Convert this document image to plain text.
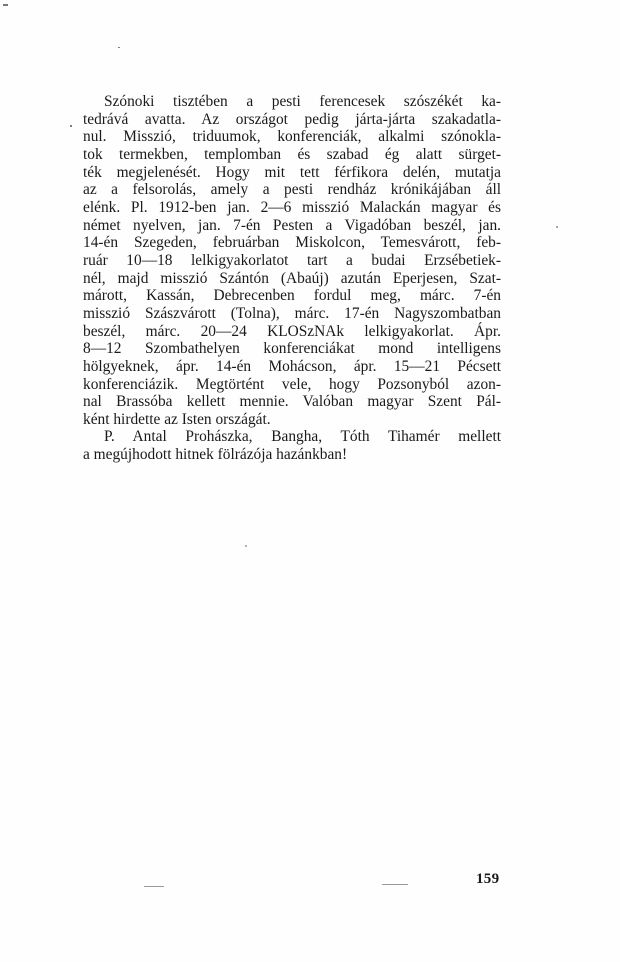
Szónoki tisztében a pesti ferencesek szószékét ka-
tedrává avatta. Az országot pedig járta-járta szakadatla-
nul. Misszió, triduumok, konferenciák, alkalmi szónokla-
tok termekben, templomban és szabad ég alatt sürget-
ték megjelenését. Hogy mit tett férfikora delén, mutatja
az a felsorolás, amely a pesti rendház krónikájában áll
elénk. Pl. 1912-ben jan. 2—6 misszió Malackán magyar és
német nyelven, jan. 7-én Pesten a Vigadóban beszél, jan.
14-én Szegeden, februárban Miskolcon, Temesvárott, feb-
ruár 10—18 lelkigyakorlatot tart a budai Erzsébetiek-
nél, majd misszió Szántón (Abaúj) azután Eperjesen, Szat-
márott, Kassán, Debrecenben fordul meg, márc. 7-én
misszió Szászvárott (Tolna), márc. 17-én Nagyszombatban
beszél, márc. 20—24 KLOSzNAk lelkigyakorlat. Ápr.
8—12 Szombathelyen konferenciákat mond intelligens
hölgyeknek, ápr. 14-én Mohácson, ápr. 15—21 Pécsett
konferenciázik. Megtörtént vele, hogy Pozsonyból azon-
nal Brassóba kellett mennie. Valóban magyar Szent Pál-
ként hirdette az Isten országát.
P. Antal Prohászka, Bangha, Tóth Tihamér mellett
a megújhodott hitnek fölrázója hazánkban!
159
